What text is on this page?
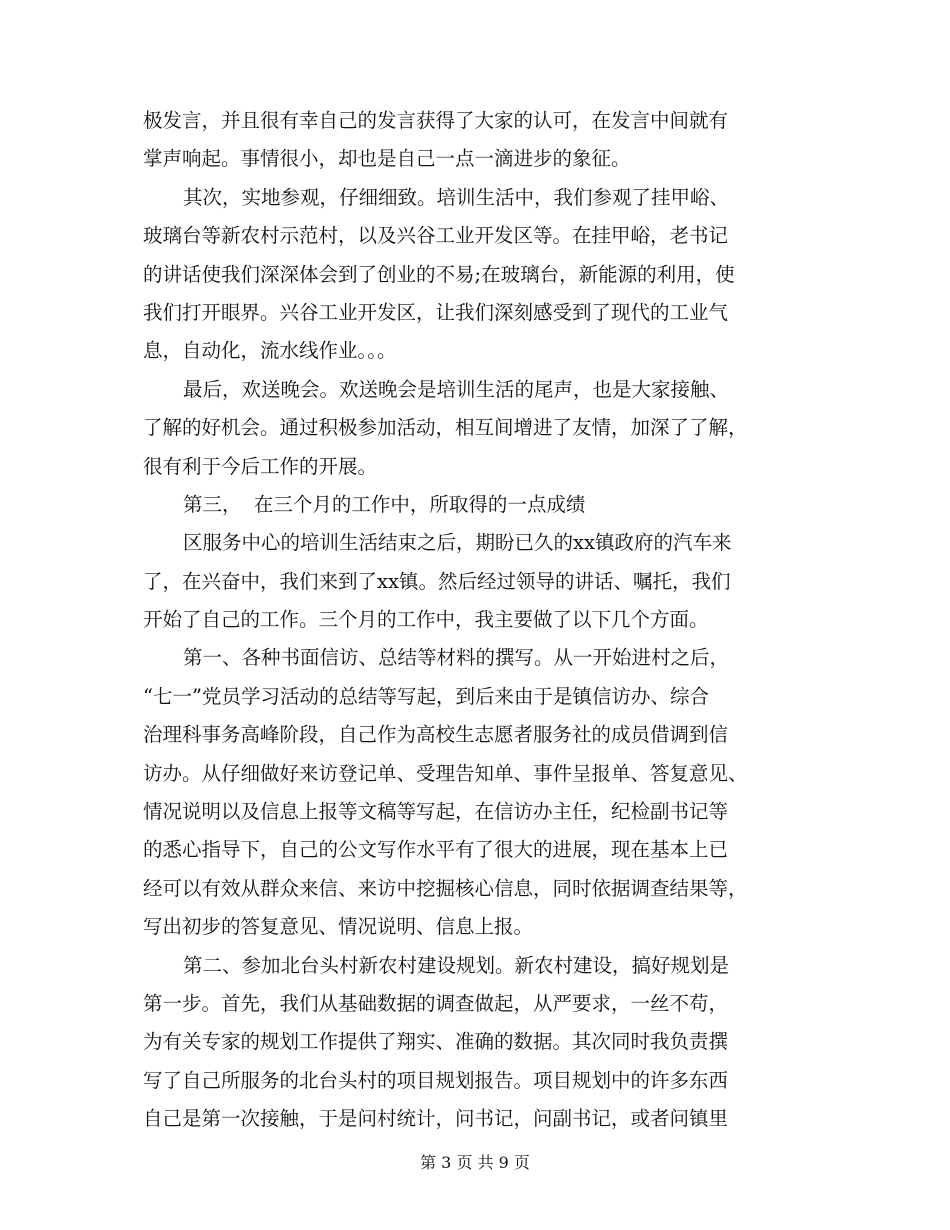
极发言，并且很有幸自己的发言获得了大家的认可，在发言中间就有
掌声响起。事情很小，却也是自己一点一滴进步的象征。
其次，实地参观，仔细细致。培训生活中，我们参观了挂甲峪、
玻璃台等新农村示范村，以及兴谷工业开发区等。在挂甲峪，老书记
的讲话使我们深深体会到了创业的不易;在玻璃台，新能源的利用，使
我们打开眼界。兴谷工业开发区，让我们深刻感受到了现代的工业气
息，自动化，流水线作业。。。
最后，欢送晚会。欢送晚会是培训生活的尾声，也是大家接触、
了解的好机会。通过积极参加活动，相互间增进了友情，加深了了解，
很有利于今后工作的开展。
第三，  在三个月的工作中，所取得的一点成绩
区服务中心的培训生活结束之后，期盼已久的xx镇政府的汽车来
了，在兴奋中，我们来到了xx镇。然后经过领导的讲话、嘱托，我们
开始了自己的工作。三个月的工作中，我主要做了以下几个方面。
第一、各种书面信访、总结等材料的撰写。从一开始进村之后，
“七一”党员学习活动的总结等写起，到后来由于是镇信访办、综合
治理科事务高峰阶段，自己作为高校生志愿者服务社的成员借调到信
访办。从仔细做好来访登记单、受理告知单、事件呈报单、答复意见、
情况说明以及信息上报等文稿等写起，在信访办主任，纪检副书记等
的悉心指导下，自己的公文写作水平有了很大的进展，现在基本上已
经可以有效从群众来信、来访中挖掘核心信息，同时依据调查结果等，
写出初步的答复意见、情况说明、信息上报。
第二、参加北台头村新农村建设规划。新农村建设，搞好规划是
第一步。首先，我们从基础数据的调查做起，从严要求，一丝不苟，
为有关专家的规划工作提供了翔实、准确的数据。其次同时我负责撰
写了自己所服务的北台头村的项目规划报告。项目规划中的许多东西
自己是第一次接触，于是问村统计，问书记，问副书记，或者问镇里
第 3 页 共 9 页
